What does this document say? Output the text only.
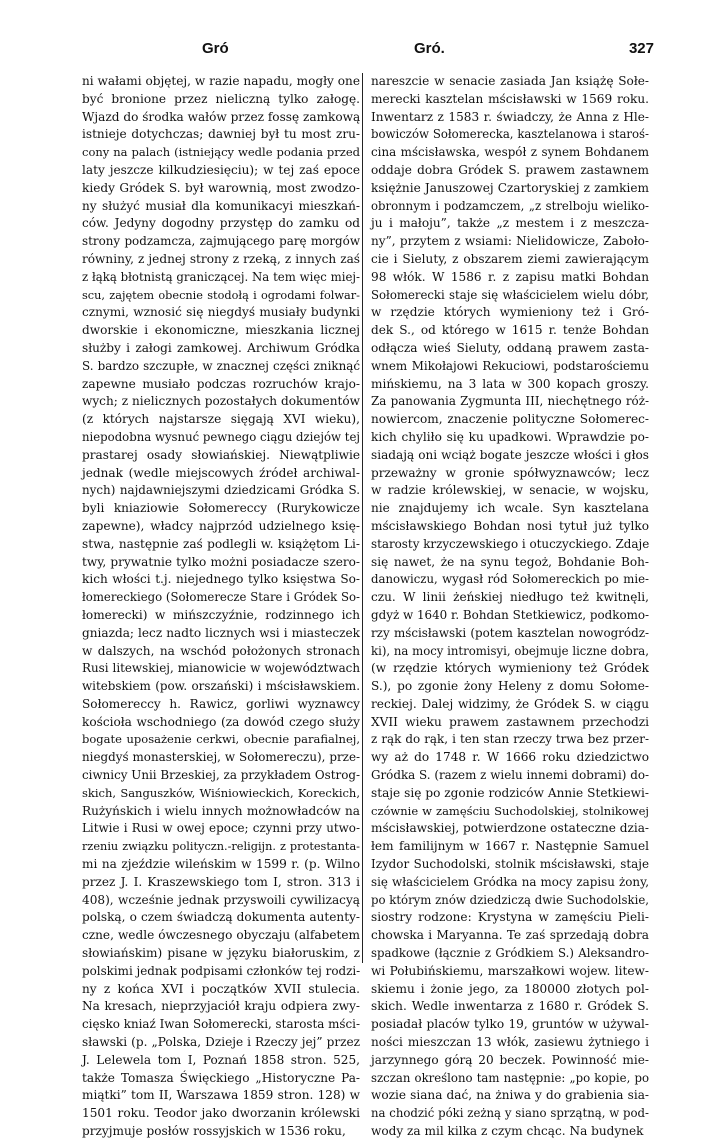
Gró	Gró.	327
ni wałami objętej, w razie napadu, mogły one
być bronione przez nieliczną tylko załogę.
Wjazd do środka wałów przez fossę zamkową
istnieje dotychczas; dawniej był tu most zru-
cony na palach (istniejący wedle podania przed
laty jeszcze kilkudziesięciu); w tej zaś epoce
kiedy Gródek S. był warownią, most zwodzo-
ny służyć musiał dla komunikacyi mieszkań-
ców. Jedyny dogodny przystęp do zamku od
strony podzamcza, zajmującego parę morgów
równiny, z jednej strony z rzeką, z innych zaś
z łąką błotnistą graniczącej. Na tem więc miej-
scu, zajętem obecnie stodołą i ogrodami folwar-
cznymi, wznosić się niegdyś musiały budynki
dworskie i ekonomiczne, mieszkania licznej
służby i załogi zamkowej. Archiwum Gródka
S. bardzo szczupłe, w znacznej części zniknąć
zapewne musiało podczas rozruchów krajo-
wych; z nielicznych pozostałych dokumentów
(z których najstarsze sięgają XVI wieku),
niepodobna wysnuć pewnego ciągu dziejów tej
prastarej osady słowiańskiej. Niewątpliwie
jednak (wedle miejscowych źródeł archiwal-
nych) najdawniejszymi dziedzicami Gródka S.
byli kniaziowie Sołomereccy (Rurykowicze
zapewne), władcy najprzód udzielnego księ-
stwa, następnie zaś podlegli w. książętom Li-
twy, prywatnie tylko możni posiadacze szero-
kich włości t.j. niejednego tylko księstwa So-
łomereckiego (Sołomerecze Stare i Gródek So-
łomerecki) w mińszczyźnie, rodzinnego ich
gniazda; lecz nadto licznych wsi i miasteczek
w dalszych, na wschód położonych stronach
Rusi litewskiej, mianowicie w województwach
witebskiem (pow. orszański) i mścisławskiem.
Sołomereccy h. Rawicz, gorliwi wyznawcy
kościoła wschodniego (za dowód czego służy
bogate uposażenie cerkwi, obecnie parafialnej,
niegdyś monasterskiej, w Sołomereczu), prze-
ciwnicy Unii Brzeskiej, za przykładem Ostrog-
skich, Sanguszków, Wiśniowieckich, Koreckich,
Rużyńskich i wielu innych możnowładców na
Litwie i Rusi w owej epoce; czynni przy utwo-
rzeniu związku polityczn.-religijn. z protestanta-
mi na zjeździe wileńskim w 1599 r. (p. Wilno
przez J. I. Kraszewskiego tom I, stron. 313 i
408), wcześnie jednak przyswoili cywilizacyą
polską, o czem świadczą dokumenta autenty-
czne, wedle ówczesnego obyczaju (alfabetem
słowiańskim) pisane w języku białoruskim, z
polskimi jednak podpisami członków tej rodzi-
ny z końca XVI i początków XVII stulecia.
Na kresach, nieprzyjaciół kraju odpiera zwy-
cięsko kniaź Iwan Sołomerecki, starosta mści-
sławski (p. „Polska, Dzieje i Rzeczy jej” przez
J. Lelewela tom I, Poznań 1858 stron. 525,
także Tomasza Święckiego „Historyczne Pa-
miątki” tom II, Warszawa 1859 stron. 128) w
1501 roku. Teodor jako dworzanin królewski
przyjmuje posłów rossyjskich w 1536 roku,
nareszcie w senacie zasiada Jan książę Sołe-
merecki kasztelan mścisławski w 1569 roku.
Inwentarz z 1583 r. świadczy, że Anna z Hle-
bowiczów Sołomerecka, kasztelanowa i staroś-
cina mścisławska, wespół z synem Bohdanem
oddaje dobra Gródek S. prawem zastawnem
księżnie Januszowej Czartoryskiej z zamkiem
obronnym i podzamczem, „z strelboju wieliko-
ju i małoju”, także „z mestem i z meszcza-
ny”, przytem z wsiami: Nielidowicze, Zaboło-
cie i Sieluty, z obszarem ziemi zawierającym
98 włók. W 1586 r. z zapisu matki Bohdan
Sołomerecki staje się właścicielem wielu dóbr,
w rzędzie których wymieniony też i Gró-
dek S., od którego w 1615 r. tenże Bohdan
odłącza wieś Sieluty, oddaną prawem zasta-
wnem Mikołajowi Rekuciowi, podstarościemu
mińskiemu, na 3 lata w 300 kopach groszy.
Za panowania Zygmunta III, niechętnego róż-
nowiercom, znaczenie polityczne Sołomerec-
kich chyliło się ku upadkowi. Wprawdzie po-
siadają oni wciąż bogate jeszcze włości i głos
przeważny w gronie spółwyznawców; lecz
w radzie królewskiej, w senacie, w wojsku,
nie znajdujemy ich wcale. Syn kasztelana
mścisławskiego Bohdan nosi tytuł już tylko
starosty krzyczewskiego i otuczyckiego. Zdaje
się nawet, że na synu tegoż, Bohdanie Boh-
danowiczu, wygasł ród Sołomereckich po mie-
czu. W linii żeńskiej niedługo też kwitnęli,
gdyż w 1640 r. Bohdan Stetkiewicz, podkomo-
rzy mścisławski (potem kasztelan nowogródz-
ki), na mocy intromisyi, obejmuje liczne dobra,
(w rzędzie których wymieniony też Gródek
S.), po zgonie żony Heleny z domu Sołome-
reckiej. Dalej widzimy, że Gródek S. w ciągu
XVII wieku prawem zastawnem przechodzi
z rąk do rąk, i ten stan rzeczy trwa bez przer-
wy aż do 1748 r. W 1666 roku dziedzictwo
Gródka S. (razem z wielu innemi dobrami) do-
staje się po zgonie rodziców Annie Stetkiewi-
czównie w zamęściu Suchodolskiej, stolnikowej
mścisławskiej, potwierdzone ostateczne dzia-
łem familijnym w 1667 r. Następnie Samuel
Izydor Suchodolski, stolnik mścisławski, staje
się właścicielem Gródka na mocy zapisu żony,
po którym znów dziedziczą dwie Suchodolskie,
siostry rodzone: Krystyna w zamęściu Pieli-
chowska i Maryanna. Te zaś sprzedają dobra
spadkowe (łącznie z Gródkiem S.) Aleksandro-
wi Połubińskiemu, marszałkowi wojew. litew-
skiemu i żonie jego, za 180000 złotych pol-
skich. Wedle inwentarza z 1680 r. Gródek S.
posiadał placów tylko 19, gruntów w używal-
ności mieszczan 13 włók, zasiewu żytniego i
jarzynnego górą 20 beczek. Powinność mie-
szczan określono tam następnie: „po kopie, po
wozie siana dać, na żniwa y do grabienia sia-
na chodzić póki zeżną y siano sprzątną, w pod-
wody za mil kilka z czym chcąc. Na budynek
